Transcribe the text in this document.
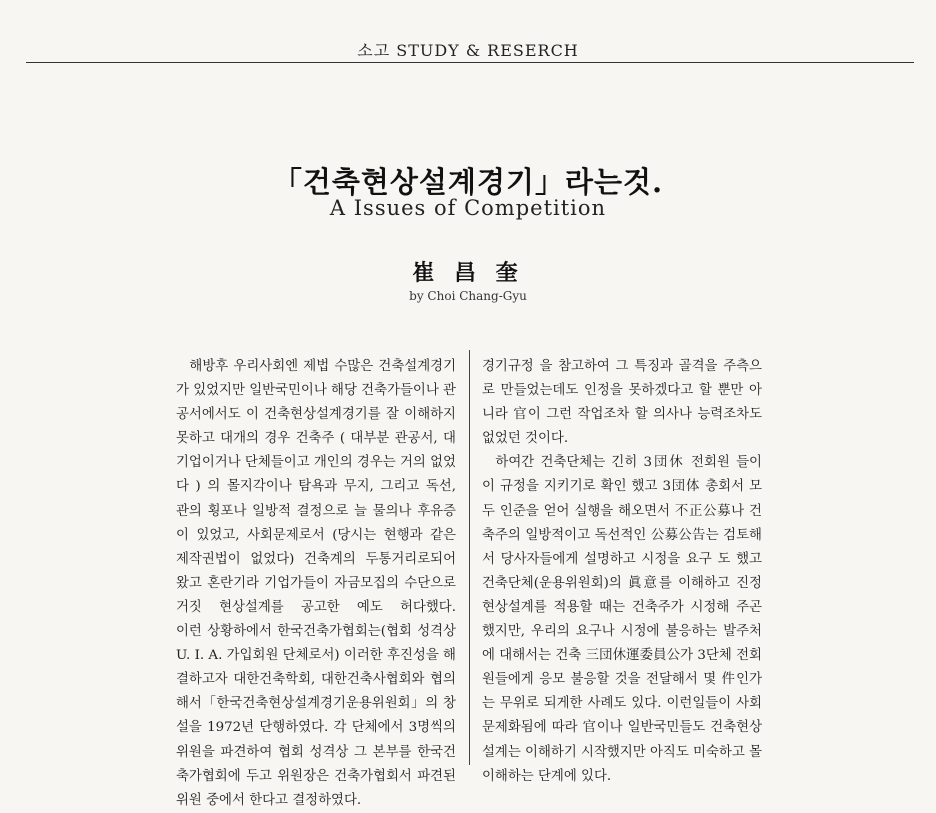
소고 STUDY & RESERCH
「건축현상설계경기」라는것.
A Issues of Competition
崔 昌 奎
by Choi Chang-Gyu

해방후 우리사회엔 제법 수많은 건축설계경기가 있었지만 일반국민이나 해당 건축가들이나 관공서에서도 이 건축현상설계경기를 잘 이해하지 못하고 대개의 경우 건축주 ( 대부분 관공서, 대기업이거나 단체들이고 개인의 경우는 거의 없었다 ) 의 몰지각이나 탐욕과 무지, 그리고 독선, 관의 횡포나 일방적 결정으로 늘 물의나 후유증이 있었고, 사회문제로서 (당시는 현행과 같은 제작권법이 없었다) 건축계의 두통거리로되어 왔고 혼란기라 기업가들이 자금모집의 수단으로 거짓 현상설계를 공고한 예도 허다했다.

이런 상황하에서 한국건축가협회는(협회 성격상 U. I. A. 가입회원 단체로서) 이러한 후진성을 해결하고자 대한건축학회, 대한건축사협회와 협의해서「한국건축현상설계경기운용위원회」의 창설을 1972년 단행하였다. 각 단체에서 3명씩의 위원을 파견하여 협회 성격상 그 본부를 한국건축가협회에 두고 위원장은 건축가협회서 파견된 위원 중에서 한다고 결정하였다.

경기규정 을 참고하여 그 특징과 골격을 주측으로 만들었는데도 인정을 못하겠다고 할 뿐만 아니라 官이 그런 작업조차 할 의사나 능력조차도 없었던 것이다.

하여간 건축단체는 긴히 3団休 전회원 들이 이 규정을 지키기로 확인 했고 3団体 총회서 모두 인준을 얻어 실행을 해오면서 不正公募나 건축주의 일방적이고 독선적인 公募公告는 검토해서 당사자들에게 설명하고 시정을 요구 도 했고 건축단체(운용위원회)의 眞意를 이해하고 진정 현상설계를 적용할 때는 건축주가 시정해 주곤 했지만, 우리의 요구나 시정에 불응하는 발주처에 대해서는 건축 三団休運委員公가 3단체 전회원들에게 응모 불응할 것을 전달해서 몇 件인가는 무위로 되게한 사례도 있다. 이런일들이 사회문제화됨에 따라 官이나 일반국민들도 건축현상설계는 이해하기 시작했지만 아직도 미숙하고 몰이해하는 단계에 있다.
